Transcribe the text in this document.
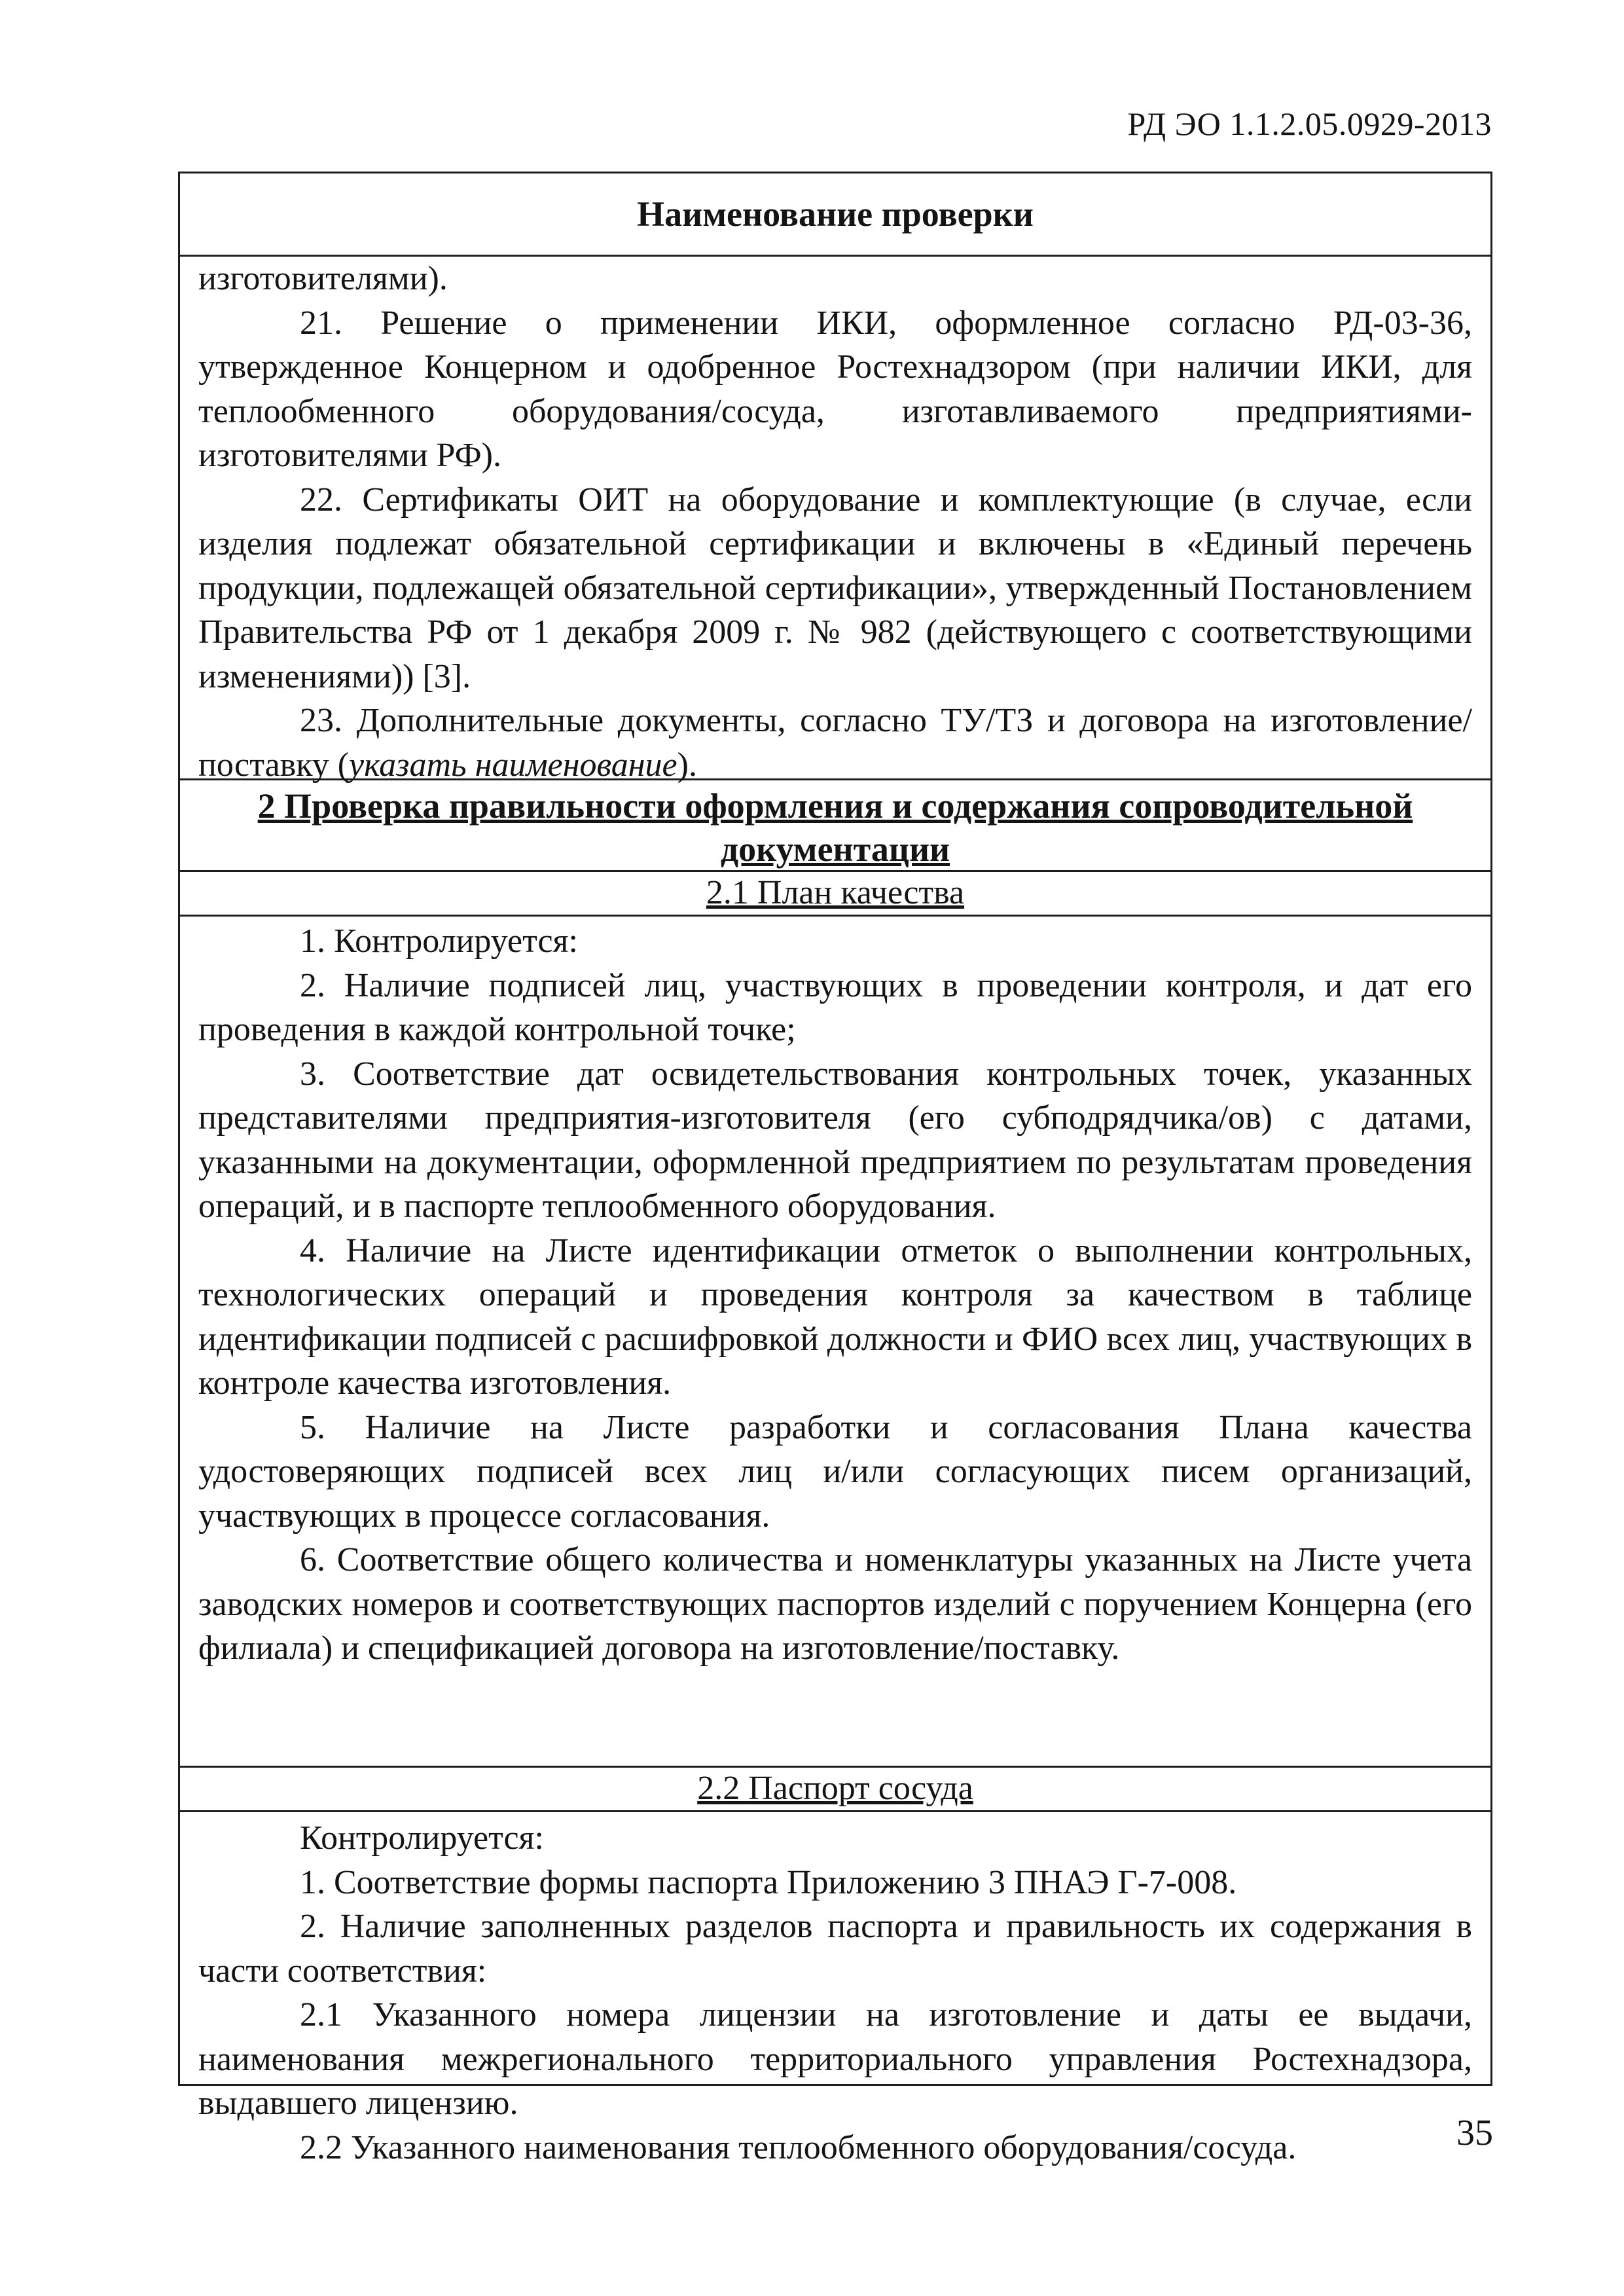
РД ЭО 1.1.2.05.0929-2013
Наименование проверки

изготовителями).

21. Решение о применении ИКИ, оформленное согласно РД-03-36, утвержденное Концерном и одобренное Ростехнадзором (при наличии ИКИ, для теплообменного оборудования/сосуда, изготавливаемого предприятиями-изготовителями РФ).

22. Сертификаты ОИТ на оборудование и комплектующие (в случае, если изделия подлежат обязательной сертификации и включены в «Единый перечень продукции, подлежащей обязательной сертификации», утвержденный Постановлением Правительства РФ от 1 декабря 2009 г. № 982 (действующего с соответствующими изменениями)) [3].

23. Дополнительные документы, согласно ТУ/ТЗ и договора на изготовление/поставку (указать наименование).

2 Проверка правильности оформления и содержания сопроводительной документации
2.1 План качества

1. Контролируется:

2. Наличие подписей лиц, участвующих в проведении контроля, и дат его проведения в каждой контрольной точке;

3. Соответствие дат освидетельствования контрольных точек, указанных представителями предприятия-изготовителя (его субподрядчика/ов) с датами, указанными на документации, оформленной предприятием по результатам проведения операций, и в паспорте теплообменного оборудования.

4. Наличие на Листе идентификации отметок о выполнении контрольных, технологических операций и проведения контроля за качеством в таблице идентификации подписей с расшифровкой должности и ФИО всех лиц, участвующих в контроле качества изготовления.

5. Наличие на Листе разработки и согласования Плана качества удостоверяющих подписей всех лиц и/или согласующих писем организаций, участвующих в процессе согласования.

6. Соответствие общего количества и номенклатуры указанных на Листе учета заводских номеров и соответствующих паспортов изделий с поручением Концерна (его филиала) и спецификацией договора на изготовление/поставку.

2.2 Паспорт сосуда

Контролируется:

1. Соответствие формы паспорта Приложению 3 ПНАЭ Г-7-008.

2. Наличие заполненных разделов паспорта и правильность их содержания в части соответствия:

2.1 Указанного номера лицензии на изготовление и даты ее выдачи, наименования межрегионального территориального управления Ростехнадзора, выдавшего лицензию.

2.2 Указанного наименования теплообменного оборудования/сосуда.	35
